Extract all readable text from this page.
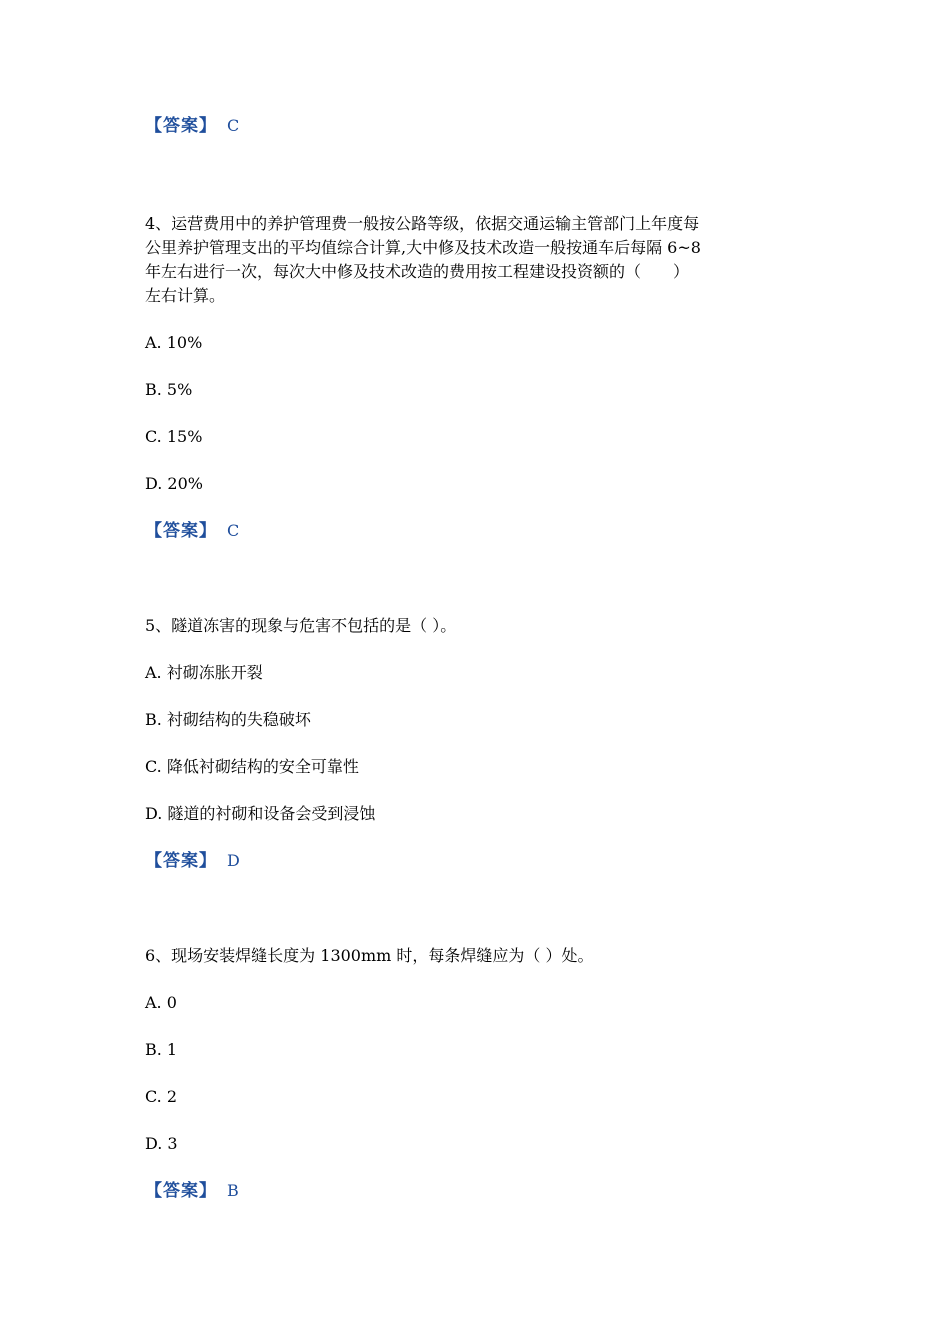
【答案】 C
4、运营费用中的养护管理费一般按公路等级，依据交通运输主管部门上年度每
公里养护管理支出的平均值综合计算,大中修及技术改造一般按通车后每隔 6~8
年左右进行一次，每次大中修及技术改造的费用按工程建设投资额的（　　）
左右计算。
A. 10%
B. 5%
C. 15%
D. 20%
【答案】 C
5、隧道冻害的现象与危害不包括的是（ ）。
A. 衬砌冻胀开裂
B. 衬砌结构的失稳破坏
C. 降低衬砌结构的安全可靠性
D. 隧道的衬砌和设备会受到浸蚀
【答案】 D
6、现场安装焊缝长度为 1300mm 时，每条焊缝应为（ ）处。
A. 0
B. 1
C. 2
D. 3
【答案】 B
